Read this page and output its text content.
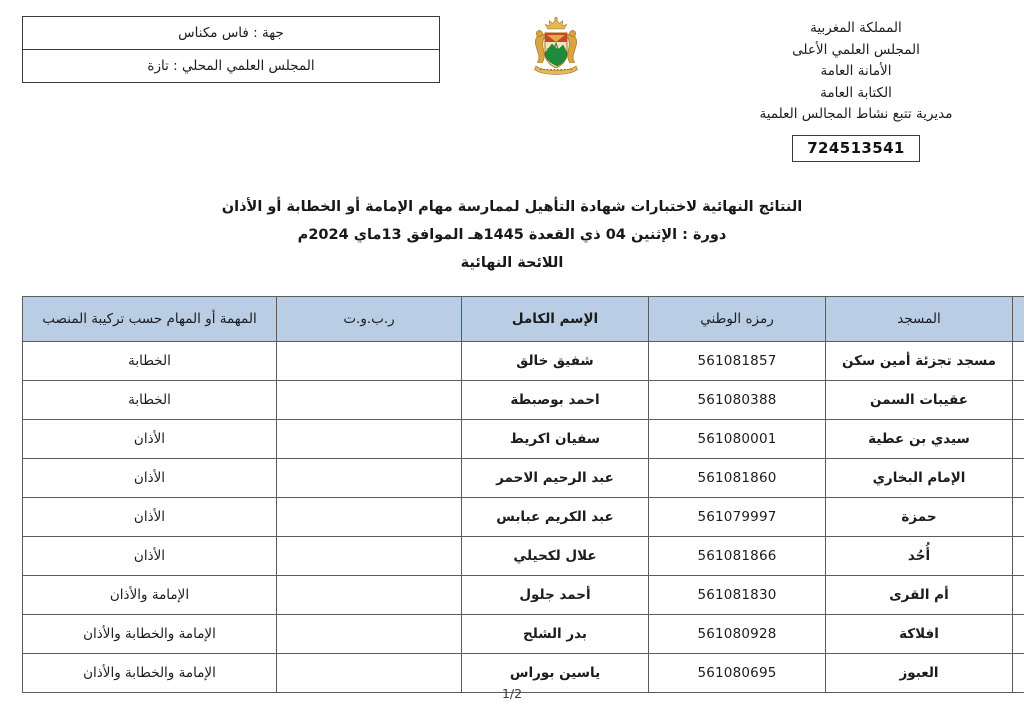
جهة : فاس مكناس
المجلس العلمي المحلي : تازة
المملكة المغربية
المجلس العلمي الأعلى
الأمانة العامة
الكتابة العامة
مديرية تتبع نشاط المجالس العلمية
724513541
النتائج النهائية لاختبارات شهادة التأهيل لممارسة مهام الإمامة أو الخطابة أو الأذان
دورة : الإثنين 04 ذي القعدة 1445هـ الموافق 13ماي 2024م
اللائحة النهائية
	المسجد	رمزه الوطني	الإسم الكامل	ر.ب.و.ت	المهمة أو المهام حسب تركيبة المنصب
	مسجد تجزئة أمين سكن	561081857	شفيق خالق		الخطابة
	عقيبات السمن	561080388	احمد بوصبطة		الخطابة
	سيدي بن عطية	561080001	سفيان اكريط		الأذان
	الإمام البخاري	561081860	عبد الرحيم الاحمر		الأذان
	حمزة	561079997	عبد الكريم عبابس		الأذان
	أُحُد	561081866	علال لكحيلي		الأذان
	أم القرى	561081830	أحمد جلول		الإمامة والأذان
	افلاكة	561080928	بدر الشلح		الإمامة والخطابة والأذان
	العبوز	561080695	ياسين بوراس		الإمامة والخطابة والأذان
1/2
